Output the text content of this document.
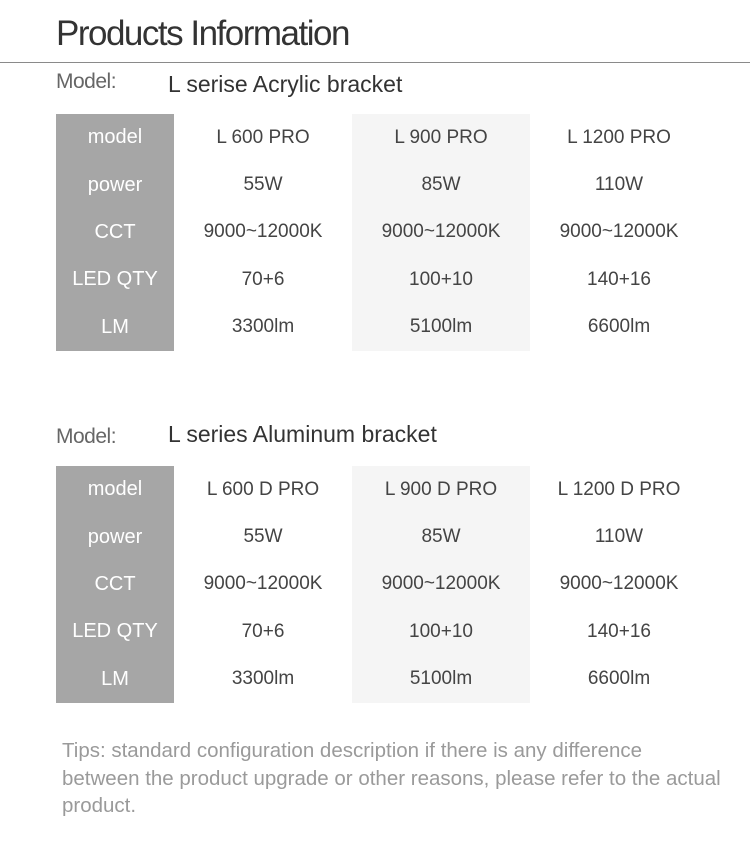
Products Information
Model: L serise Acrylic bracket
model
power
CCT
LED QTY
LM
L 600 PRO
55W
9000~12000K
70+6
3300lm
L 900 PRO
85W
9000~12000K
100+10
5100lm
L 1200 PRO
110W
9000~12000K
140+16
6600lm
Model: L series Aluminum bracket
model
power
CCT
LED QTY
LM
L 600 D PRO
55W
9000~12000K
70+6
3300lm
L 900 D PRO
85W
9000~12000K
100+10
5100lm
L 1200 D PRO
110W
9000~12000K
140+16
6600lm
Tips: standard configuration description if there is any difference between the product upgrade or other reasons, please refer to the actual product.
